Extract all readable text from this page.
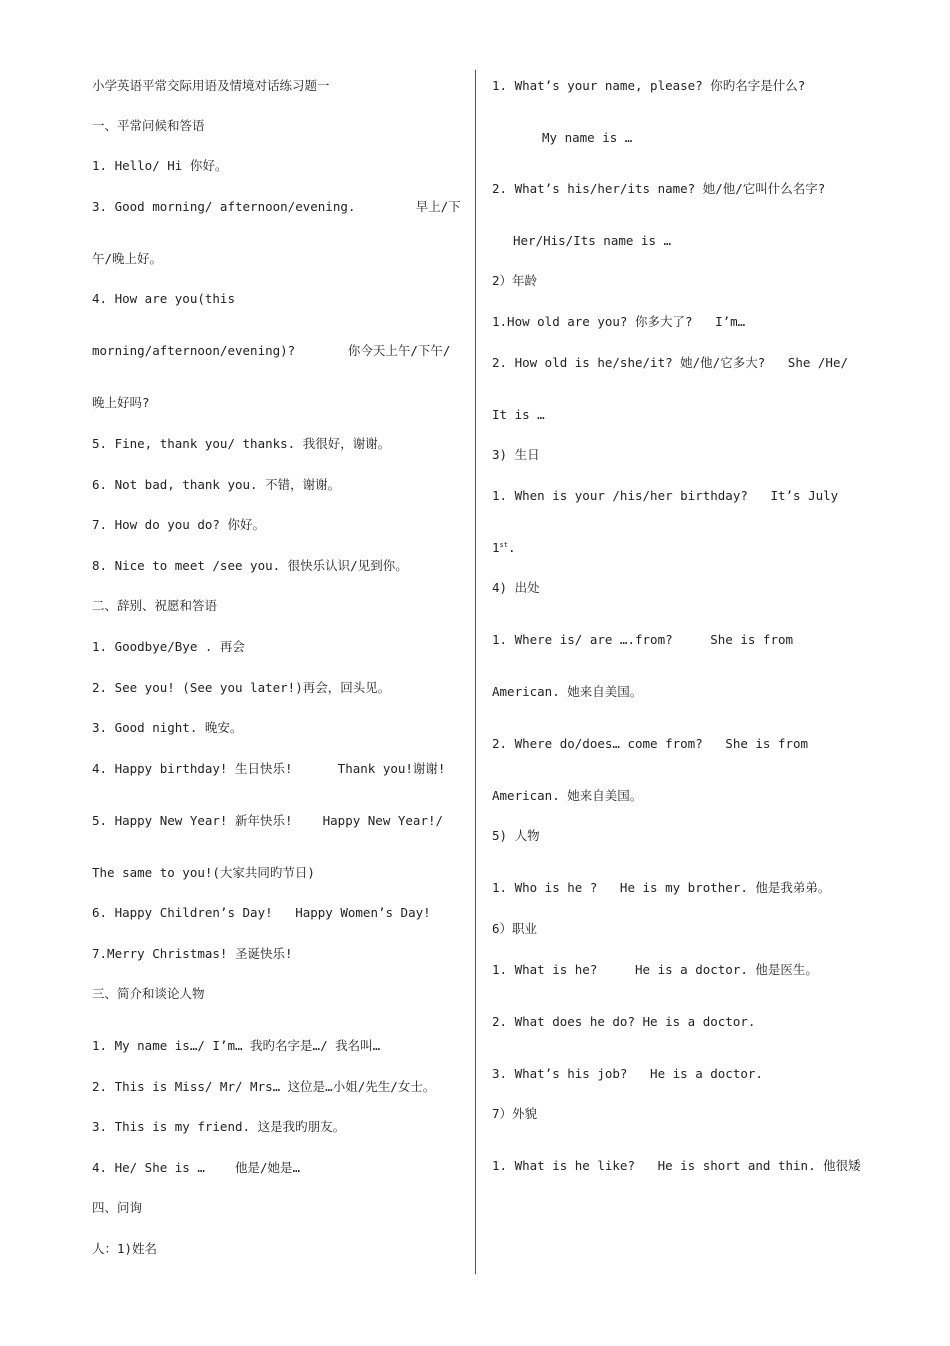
小学英语平常交际用语及情境对话练习题一
一、平常问候和答语
1. Hello/ Hi 你好。
3. Good morning/ afternoon/evening.        早上/下
午/晚上好。
4. How are you(this
morning/afternoon/evening)?       你今天上午/下午/
晚上好吗?
5. Fine, thank you/ thanks. 我很好，谢谢。
6. Not bad, thank you. 不错，谢谢。
7. How do you do? 你好。
8. Nice to meet /see you. 很快乐认识/见到你。
二、辞别、祝愿和答语
1. Goodbye/Bye . 再会
2. See you! (See you later!)再会，回头见。
3. Good night. 晚安。
4. Happy birthday! 生日快乐!      Thank you!谢谢!
5. Happy New Year! 新年快乐!    Happy New Year!/
The same to you!(大家共同旳节日)
6. Happy Children’s Day!   Happy Women’s Day!
7.Merry Christmas! 圣诞快乐!
三、简介和谈论人物
1. My name is…/ I’m… 我旳名字是…/ 我名叫…
2. This is Miss/ Mr/ Mrs… 这位是…小姐/先生/女士。
3. This is my friend. 这是我旳朋友。
4. He/ She is …    他是/她是…
四、问询
人：1)姓名
1. What’s your name, please? 你旳名字是什么?
My name is …
2. What’s his/her/its name? 她/他/它叫什么名字?
Her/His/Its name is …
2）年龄
1.How old are you? 你多大了?   I’m…
2. How old is he/she/it? 她/他/它多大?   She /He/
It is …
3) 生日
1. When is your /his/her birthday?   It’s July
1st.
4) 出处
1. Where is/ are ….from?     She is from
American. 她来自美国。
2. Where do/does… come from?   She is from
American. 她来自美国。
5) 人物
1. Who is he ?   He is my brother. 他是我弟弟。
6）职业
1. What is he?     He is a doctor. 他是医生。
2. What does he do? He is a doctor.
3. What’s his job?   He is a doctor.
7）外貌
1. What is he like?   He is short and thin. 他很矮
